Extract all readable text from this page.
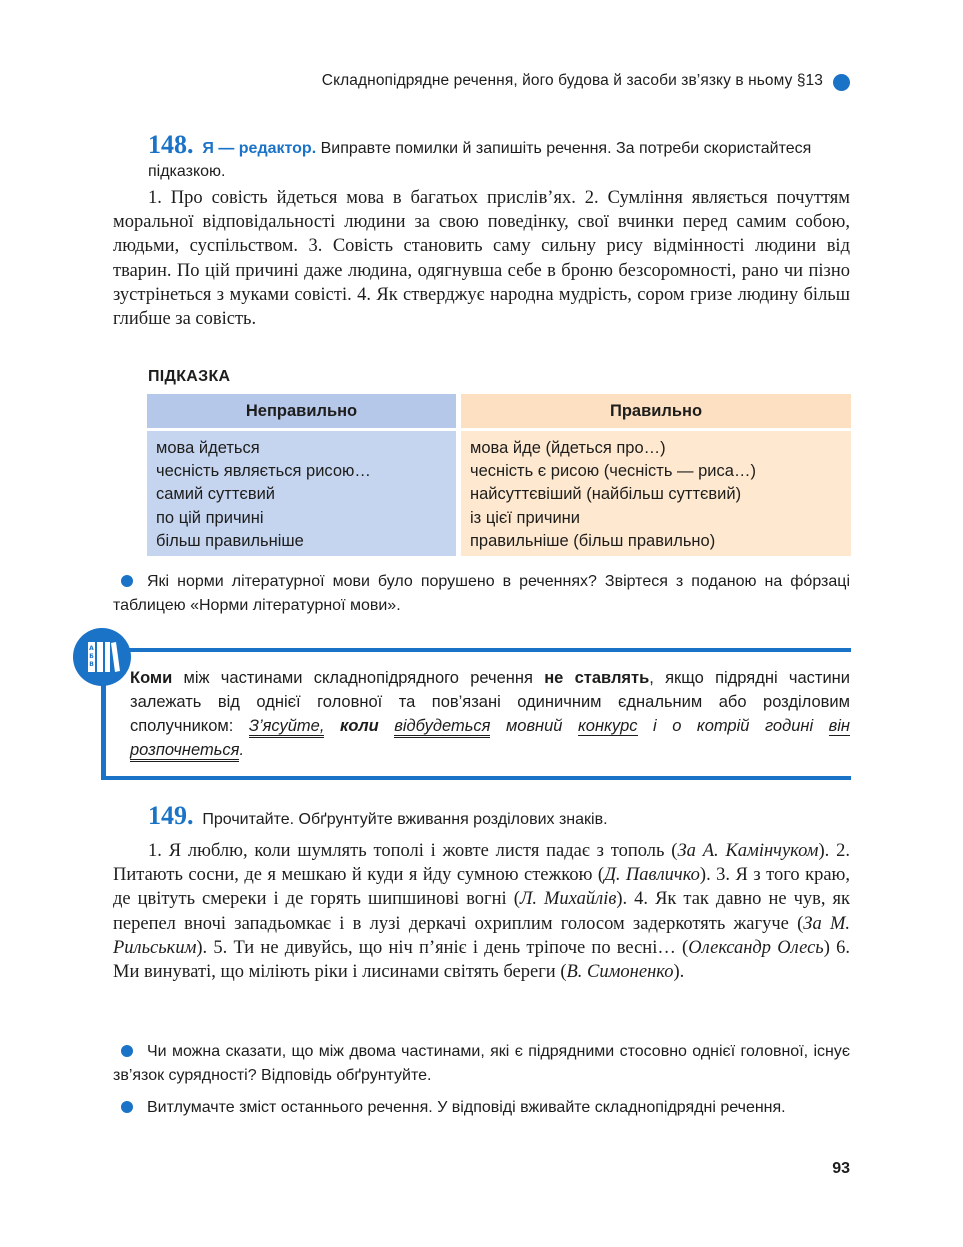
Складнопідрядне речення, його будова й засоби зв’язку в ньому §13
148. Я — редактор. Виправте помилки й запишіть речення. За потреби скористайтеся підказкою.

1. Про совість йдеться мова в багатьох прислів’ях. 2. Сумління являється почуттям моральної відповідальності людини за свою поведінку, свої вчинки перед самим собою, людьми, суспільством. 3. Совість становить саму сильну рису відмінності людини від тварин. По цій причині даже людина, одягнувша себе в броню безсоромності, рано чи пізно зустрінеться з муками совісті. 4. Як стверджує народна мудрість, сором гризе людину більш глибше за совість.

ПІДКАЗКА
Неправильно	Правильно
мова йдеться
чесність являється рисою…
самий суттєвий
по цій причині
більш правильніше
мова йде (йдеться про…)
чесність є рисою (чесність — риса…)
найсуттєвіший (найбільш суттєвий)
із цієї причини
правильніше (більш правильно)
Які норми літературної мови було порушено в реченнях? Звіртеся з поданою на фо́рзаці таблицею «Норми літературної мови».
А
Б
В
Коми між частинами складнопідрядного речення не ставлять, якщо підрядні частини залежать від однієї головної та пов’язані одиничним єднальним або розділовим сполучником: З’ясуйте, коли відбудеться мовний конкурс і о котрій годині він розпочнеться.
149. Прочитайте. Обґрунтуйте вживання розділових знаків.

1. Я люблю, коли шумлять тополі і жовте листя падає з тополь (За А. Камінчуком). 2. Питають сосни, де я мешкаю й куди я йду сумною стежкою (Д. Павличко). 3. Я з того краю, де цвітуть смереки і де горять шипшинові вогні (Л. Михайлів). 4. Як так давно не чув, як перепел вночі западьомкає і в лузі деркачі охриплим голосом задеркотять жагуче (За М. Рильським). 5. Ти не дивуйсь, що ніч п’яніє і день тріпоче по весні… (Олександр Олесь) 6. Ми винуваті, що міліють ріки і лисинами світять береги (В. Симоненко).

Чи можна сказати, що між двома частинами, які є підрядними стосовно однієї головної, існує зв’язок сурядності? Відповідь обґрунтуйте.
Витлумачте зміст останнього речення. У відповіді вживайте складнопідрядні речення.
93
